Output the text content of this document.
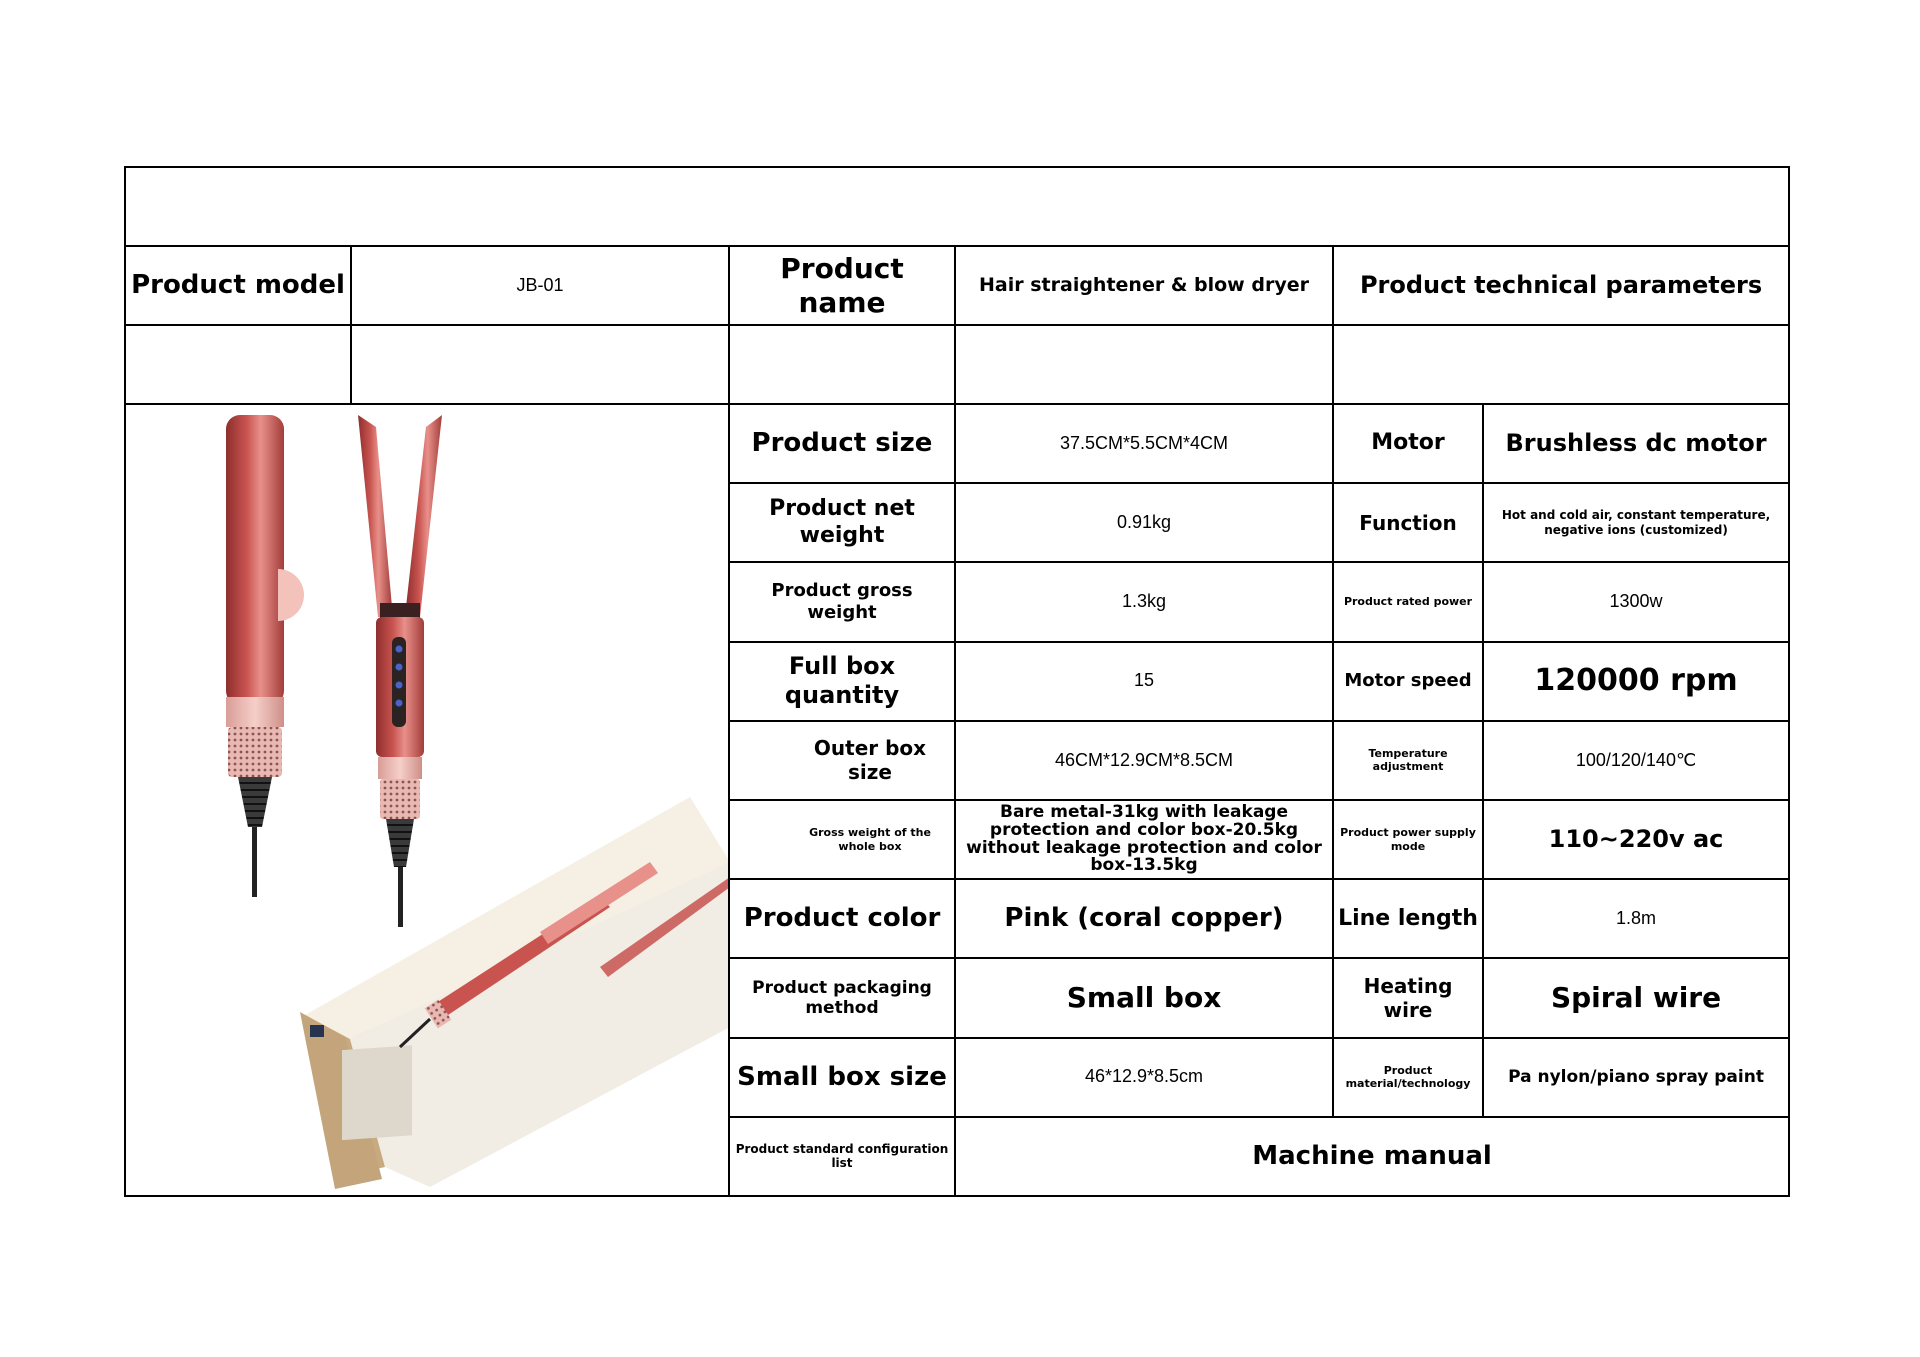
Product model	JB-01	Product name	Hair straightener & blow dryer	Product technical parameters	

	Product size	37.5CM*5.5CM*4CM	Motor	Brushless dc motor
		Product net weight	0.91kg	Function	Hot and cold air, constant temperature, negative ions (customized)
		Product gross weight	1.3kg	Product rated power	1300w
		Full box quantity	15	Motor speed	120000 rpm
		Outer box size	46CM*12.9CM*8.5CM	Temperature adjustment	100/120/140℃
		Gross weight of the whole box	Bare metal-31kg with leakage protection and color box-20.5kg without leakage protection and color box-13.5kg	Product power supply mode	110~220v ac
		Product color	Pink (coral copper)	Line length	1.8m
		Product packaging method	Small box	Heating wire	Spiral wire
		Small box size	46*12.9*8.5cm	Product material/technology	Pa nylon/piano spray paint
		Product standard configuration list	Machine manual		
